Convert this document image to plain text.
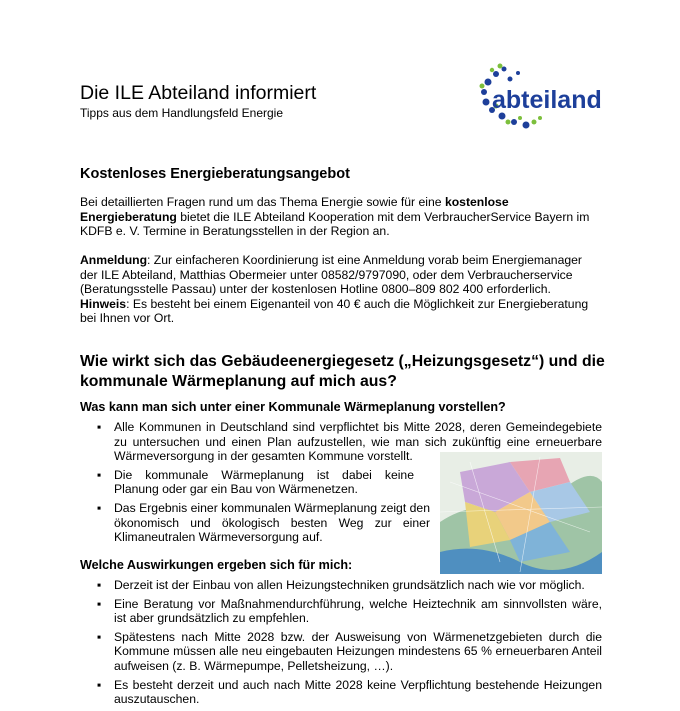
Die ILE Abteiland informiert
Tipps aus dem Handlungsfeld Energie	abteiland
Kostenloses Energieberatungsangebot
Bei detaillierten Fragen rund um das Thema Energie sowie für eine kostenlose Energieberatung bietet die ILE Abteiland Kooperation mit dem VerbraucherService Bayern im KDFB e. V. Termine in Beratungsstellen in der Region an.
Anmeldung: Zur einfacheren Koordinierung ist eine Anmeldung vorab beim Energiemanager der ILE Abteiland, Matthias Obermeier unter 08582/9797090, oder dem Verbraucherservice (Beratungsstelle Passau) unter der kostenlosen Hotline 0800–809 802 400 erforderlich.
Hinweis: Es besteht bei einem Eigenanteil von 40 € auch die Möglichkeit zur Energieberatung bei Ihnen vor Ort.
Wie wirkt sich das Gebäudeenergiegesetz („Heizungsgesetz“) und die kommunale Wärmeplanung auf mich aus?
Was kann man sich unter einer Kommunale Wärmeplanung vorstellen?
▪ Alle Kommunen in Deutschland sind verpflichtet bis Mitte 2028, deren Gemeindegebiete zu untersuchen und einen Plan aufzustellen, wie man sich zukünftig eine erneuerbare Wärmeversorgung in der gesamten Kommune vorstellt.
▪ Die kommunale Wärmeplanung ist dabei keine Planung oder gar ein Bau von Wärmenetzen.
▪ Das Ergebnis einer kommunalen Wärmeplanung zeigt den ökonomisch und ökologisch besten Weg zur einer Klimaneutralen Wärmeversorgung auf.
Welche Auswirkungen ergeben sich für mich:
▪ Derzeit ist der Einbau von allen Heizungstechniken grundsätzlich nach wie vor möglich.
▪ Eine Beratung vor Maßnahmendurchführung, welche Heiztechnik am sinnvollsten wäre, ist aber grundsätzlich zu empfehlen.
▪ Spätestens nach Mitte 2028 bzw. der Ausweisung von Wärmenetzgebieten durch die Kommune müssen alle neu eingebauten Heizungen mindestens 65 % erneuerbaren Anteil aufweisen (z. B. Wärmepumpe, Pelletsheizung, …).
▪ Es besteht derzeit und auch nach Mitte 2028 keine Verpflichtung bestehende Heizungen auszutauschen.
